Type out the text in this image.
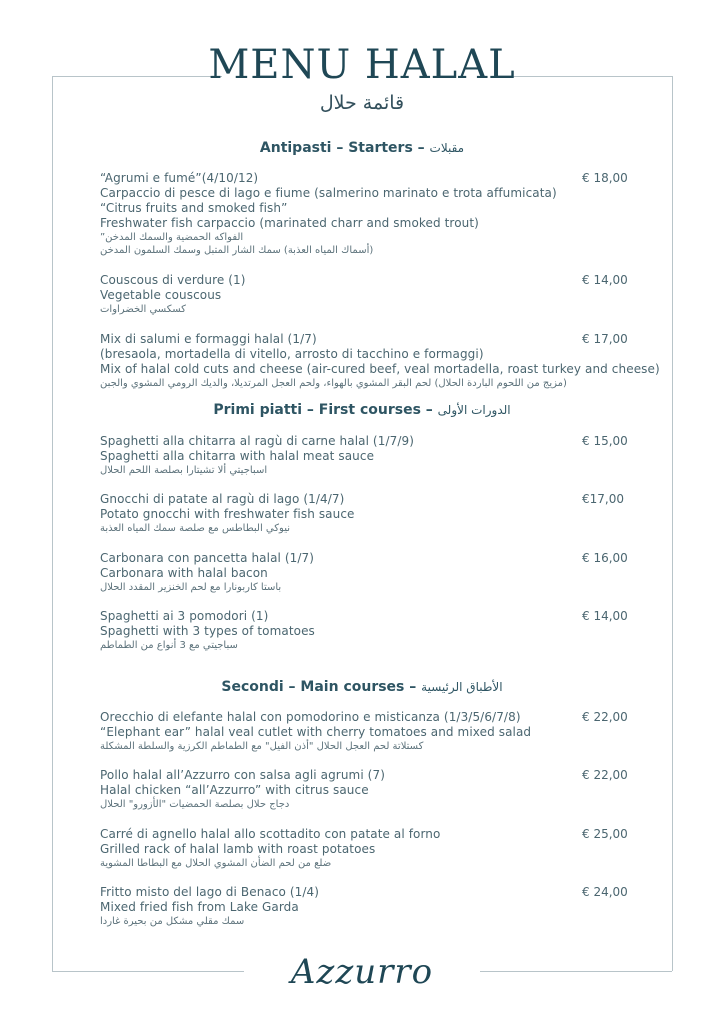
MENU HALAL
قائمة حلال
Antipasti – Starters – مقبلات
“Agrumi e fumé”(4/10/12)
Carpaccio di pesce di lago e fiume (salmerino marinato e trota affumicata)
“Citrus fruits and smoked fish”
Freshwater fish carpaccio (marinated charr and smoked trout)
الفواكه الحمضية والسمك المدخن”
(أسماك المياه العذبة) سمك الشار المتبل وسمك السلمون المدخن
€ 18,00
Couscous di verdure (1)
Vegetable couscous
كسكسي الخضراوات
€ 14,00
Mix di salumi e formaggi halal (1/7)
(bresaola, mortadella di vitello, arrosto di tacchino e formaggi)
Mix of halal cold cuts and cheese (air-cured beef, veal mortadella, roast turkey and cheese)
(مزيج من اللحوم الباردة الحلال) لحم البقر المشوي بالهواء، ولحم العجل المرتديلا، والديك الرومي المشوي والجبن
€ 17,00
Primi piatti – First courses – الدورات الأولى
Spaghetti alla chitarra al ragù di carne halal (1/7/9)
Spaghetti alla chitarra with halal meat sauce
اسباجيتي ألا تشيتارا بصلصة اللحم الحلال
€ 15,00
Gnocchi di patate al ragù di lago (1/4/7)
Potato gnocchi with freshwater fish sauce
نيوكي البطاطس مع صلصة سمك المياه العذبة
€17,00
Carbonara con pancetta halal (1/7)
Carbonara with halal bacon
باستا كاربونارا مع لحم الخنزير المقدد الحلال
€ 16,00
Spaghetti ai 3 pomodori (1)
Spaghetti with 3 types of tomatoes
سباجيتي مع 3 أنواع من الطماطم
€ 14,00
Secondi – Main courses – الأطباق الرئيسية
Orecchio di elefante halal con pomodorino e misticanza (1/3/5/6/7/8)
“Elephant ear” halal veal cutlet with cherry tomatoes and mixed salad
كستلاتة لحم العجل الحلال "أذن الفيل" مع الطماطم الكرزية والسلطة المشكلة
€ 22,00
Pollo halal all’Azzurro con salsa agli agrumi (7)
Halal chicken “all’Azzurro” with citrus sauce
دجاج حلال بصلصة الحمضيات "الأزورو" الحلال
€ 22,00
Carré di agnello halal allo scottadito con patate al forno
Grilled rack of halal lamb with roast potatoes
ضلع من لحم الضأن المشوي الحلال مع البطاطا المشوية
€ 25,00
Fritto misto del lago di Benaco (1/4)
Mixed fried fish from Lake Garda
سمك مقلي مشكل من بحيرة غاردا
€ 24,00
Azzurro
